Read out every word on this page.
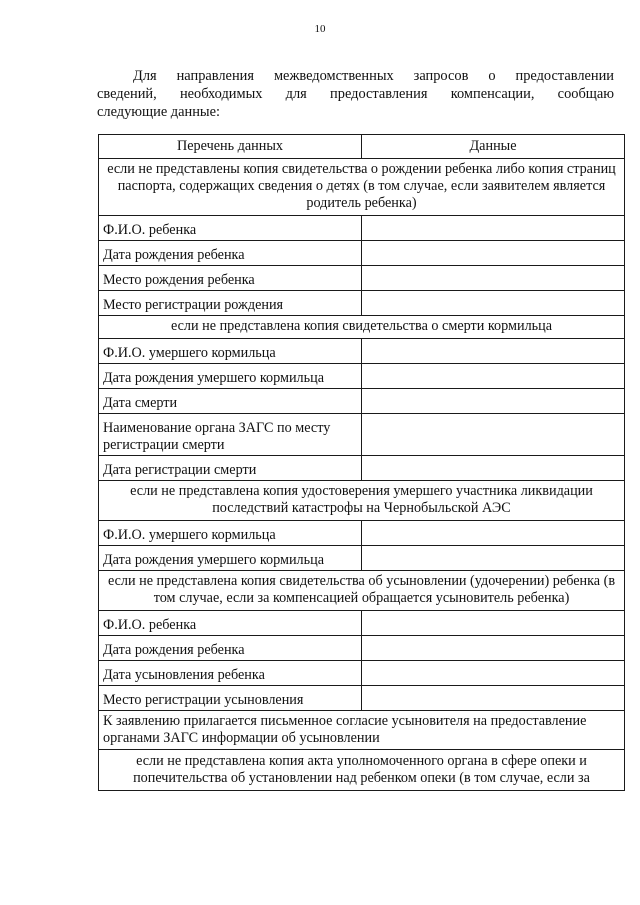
10
Для направления межведомственных запросов о предоставлении
сведений, необходимых для предоставления компенсации, сообщаю
следующие данные:
Перечень данных	Данные
если не представлены копия свидетельства о рождении ребенка либо копия страниц паспорта, содержащих сведения о детях (в том случае, если заявителем является родитель ребенка)	
Ф.И.О. ребенка	
Дата рождения ребенка	
Место рождения ребенка	
Место регистрации рождения	
если не представлена копия свидетельства о смерти кормильца	
Ф.И.О. умершего кормильца	
Дата рождения умершего кормильца	
Дата смерти	
Наименование органа ЗАГС по месту регистрации смерти	
Дата регистрации смерти	
если не представлена копия удостоверения умершего участника ликвидации последствий катастрофы на Чернобыльской АЭС	
Ф.И.О. умершего кормильца	
Дата рождения умершего кормильца	
если не представлена копия свидетельства об усыновлении (удочерении) ребенка (в том случае, если за компенсацией обращается усыновитель ребенка)	
Ф.И.О. ребенка	
Дата рождения ребенка	
Дата усыновления ребенка	
Место регистрации усыновления	
К заявлению прилагается письменное согласие усыновителя на предоставление органами ЗАГС информации об усыновлении	

если не представлена копия акта уполномоченного органа в сфере опеки и
попечительства об установлении над ребенком опеки (в том случае, если за	
